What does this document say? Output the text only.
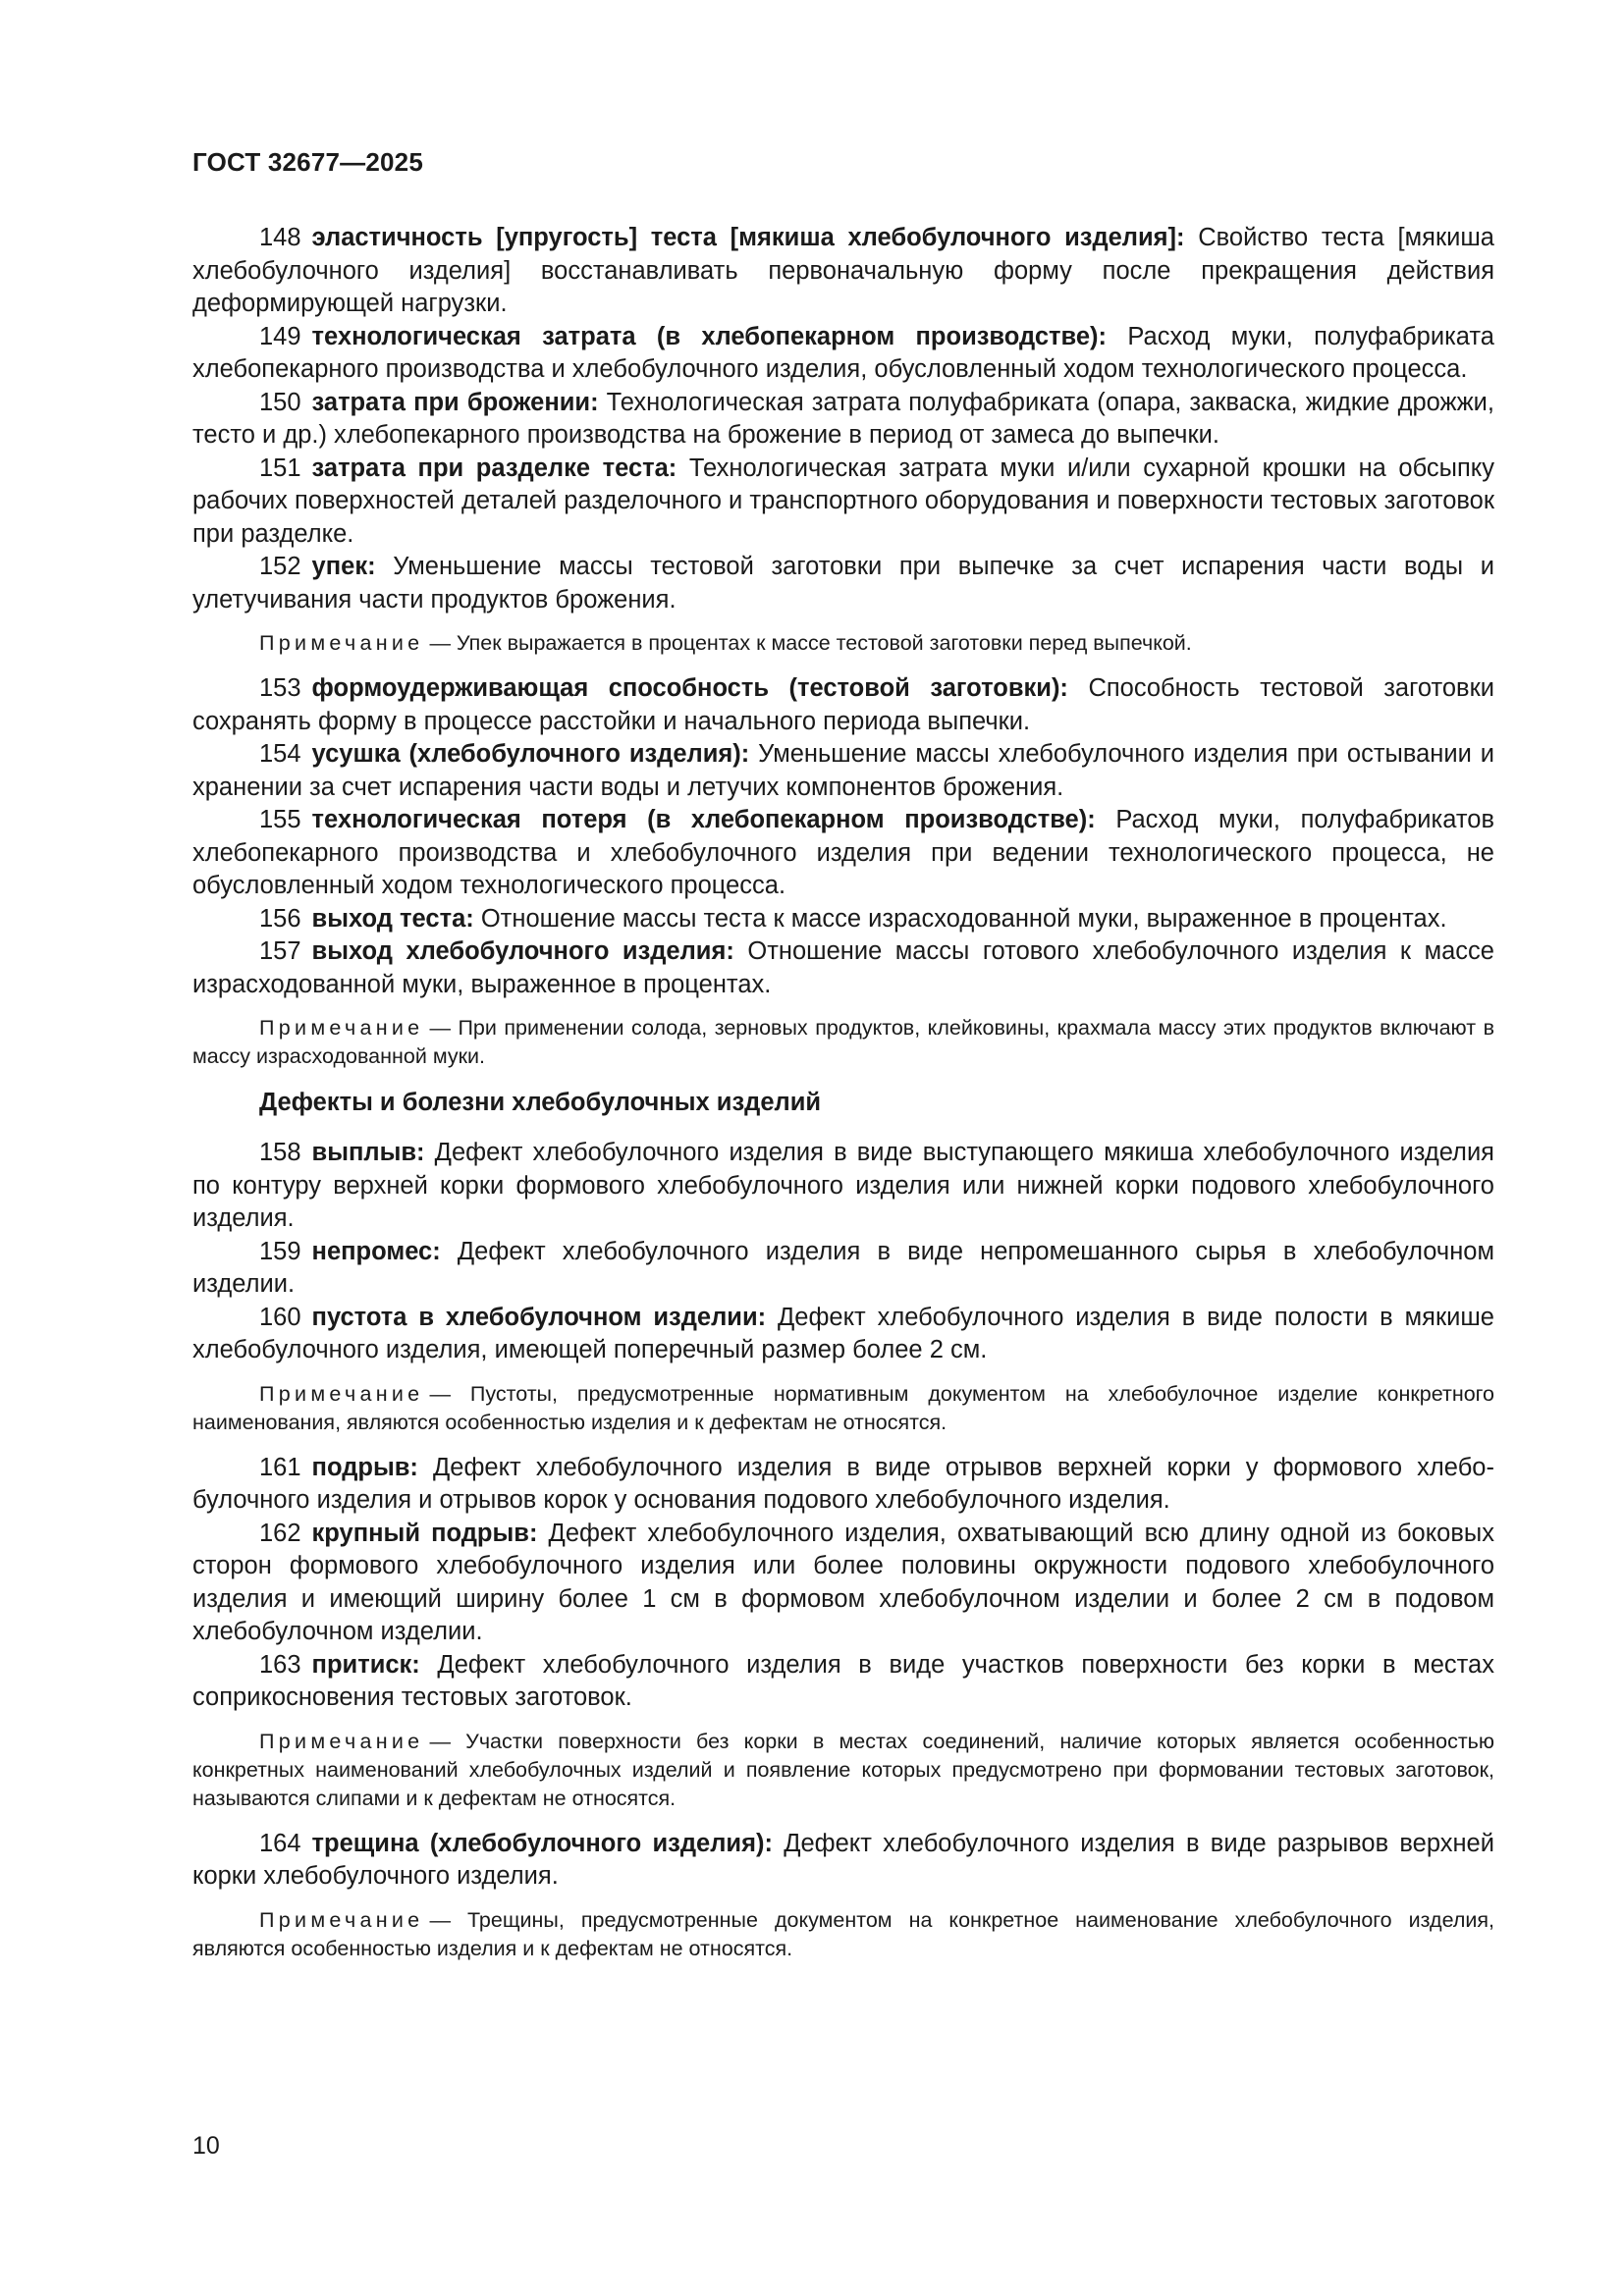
ГОСТ 32677—2025

148 эластичность [упругость] теста [мякиша хлебобулочного изделия]: Свойство теста [мякиша хлебобулочного изделия] восстанавливать первоначальную форму после прекращения действия деформирующей нагрузки.

149 технологическая затрата (в хлебопекарном производстве): Расход муки, полуфабриката хлебопекарного производства и хлебобулочного изделия, обусловленный ходом технологического процесса.

150 затрата при брожении: Технологическая затрата полуфабриката (опара, закваска, жидкие дрожжи, тесто и др.) хлебопекарного производства на брожение в период от замеса до выпечки.

151 затрата при разделке теста: Технологическая затрата муки и/или сухарной крошки на обсыпку рабочих поверхностей деталей разделочного и транспортного оборудования и поверхности тестовых заготовок при разделке.

152 упек: Уменьшение массы тестовой заготовки при выпечке за счет испарения части воды и улетучивания части продуктов брожения.

Примечание — Упек выражается в процентах к массе тестовой заготовки перед выпечкой.

153 формоудерживающая способность (тестовой заготовки): Способность тестовой заготовки сохранять форму в процессе расстойки и начального периода выпечки.

154 усушка (хлебобулочного изделия): Уменьшение массы хлебобулочного изделия при остывании и хранении за счет испарения части воды и летучих компонентов брожения.

155 технологическая потеря (в хлебопекарном производстве): Расход муки, полуфабрикатов хлебопекарного производства и хлебобулочного изделия при ведении технологического процесса, не обусловленный ходом технологического процесса.

156 выход теста: Отношение массы теста к массе израсходованной муки, выраженное в процентах.

157 выход хлебобулочного изделия: Отношение массы готового хлебобулочного изделия к массе израсходованной муки, выраженное в процентах.

Примечание — При применении солода, зерновых продуктов, клейковины, крахмала массу этих продуктов включают в массу израсходованной муки.

Дефекты и болезни хлебобулочных изделий

158 выплыв: Дефект хлебобулочного изделия в виде выступающего мякиша хлебобулочного изделия по контуру верхней корки формового хлебобулочного изделия или нижней корки подового хлебобулочного изделия.

159 непромес: Дефект хлебобулочного изделия в виде непромешанного сырья в хлебобулочном изделии.

160 пустота в хлебобулочном изделии: Дефект хлебобулочного изделия в виде полости в мякише хлебобулочного изделия, имеющей поперечный размер более 2 см.

Примечание — Пустоты, предусмотренные нормативным документом на хлебобулочное изделие конкретного наименования, являются особенностью изделия и к дефектам не относятся.

161 подрыв: Дефект хлебобулочного изделия в виде отрывов верхней корки у формового хлебобулочного изделия и отрывов корок у основания подового хлебобулочного изделия.

162 крупный подрыв: Дефект хлебобулочного изделия, охватывающий всю длину одной из боковых сторон формового хлебобулочного изделия или более половины окружности подового хлебобулочного изделия и имеющий ширину более 1 см в формовом хлебобулочном изделии и более 2 см в подовом хлебобулочном изделии.

163 притиск: Дефект хлебобулочного изделия в виде участков поверхности без корки в местах соприкосновения тестовых заготовок.

Примечание — Участки поверхности без корки в местах соединений, наличие которых является особенностью конкретных наименований хлебобулочных изделий и появление которых предусмотрено при формовании тестовых заготовок, называются слипами и к дефектам не относятся.

164 трещина (хлебобулочного изделия): Дефект хлебобулочного изделия в виде разрывов верхней корки хлебобулочного изделия.

Примечание — Трещины, предусмотренные документом на конкретное наименование хлебобулочного изделия, являются особенностью изделия и к дефектам не относятся.

10
